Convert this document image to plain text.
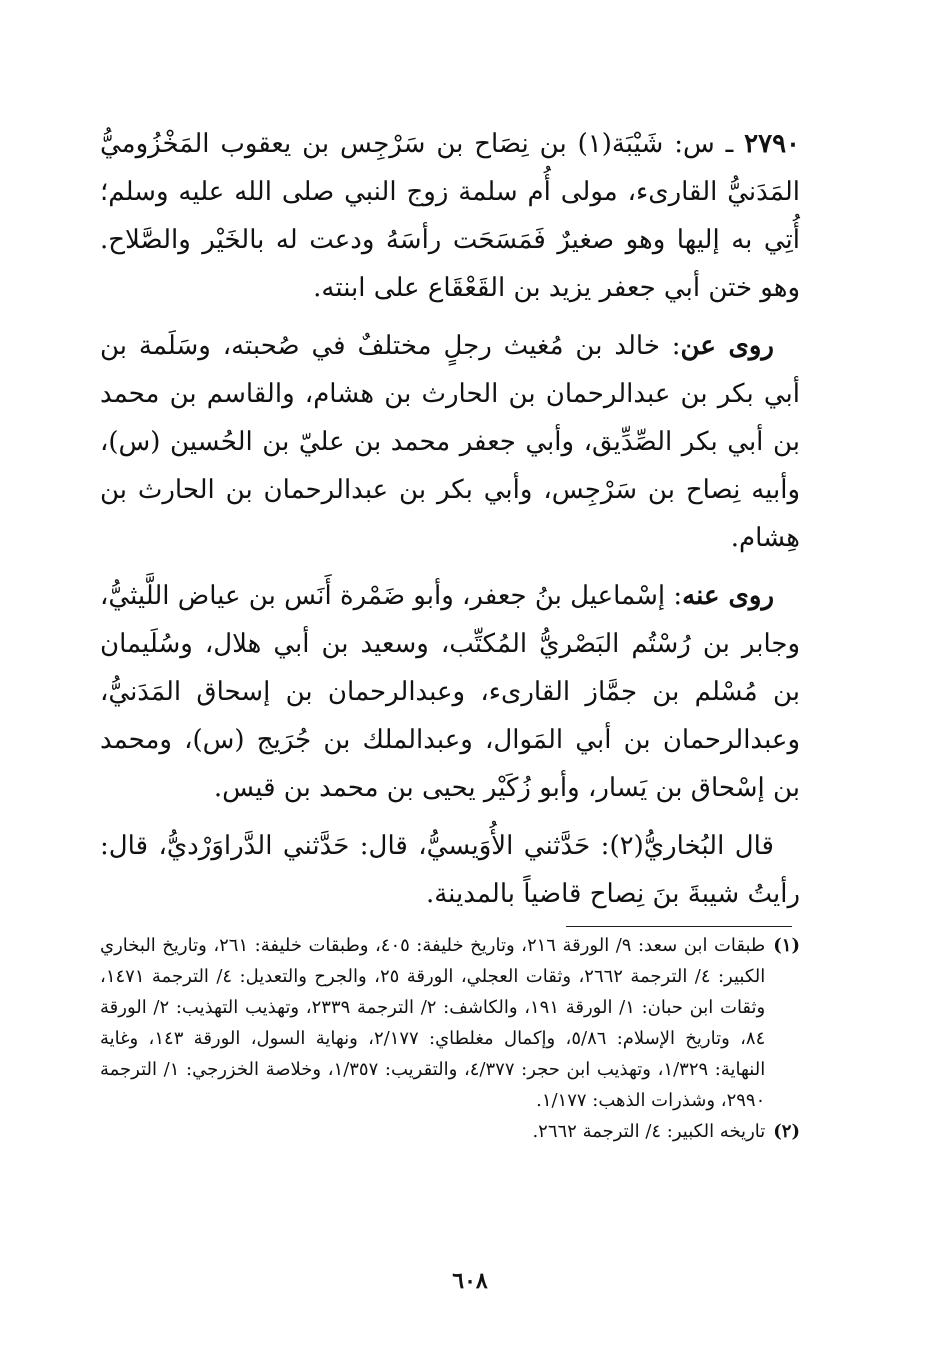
٢٧٩٠ ـ س: شَيْبَة(١) بن نِصَاح بن سَرْجِس بن يعقوب المَخْزُوميُّ المَدَنيُّ القارىء، مولى أُم سلمة زوج النبي صلى الله عليه وسلم؛ أُتِي به إليها وهو صغيرٌ فَمَسَحَت رأسَهُ ودعت له بالخَيْر والصَّلاح. وهو ختن أبي جعفر يزيد بن القَعْقَاع على ابنته.
روى عن: خالد بن مُغيث رجلٍ مختلفٌ في صُحبته، وسَلَمة بن أبي بكر بن عبدالرحمان بن الحارث بن هشام، والقاسم بن محمد بن أبي بكر الصِّدِّيق، وأبي جعفر محمد بن عليّ بن الحُسين (س)، وأبيه نِصاح بن سَرْجِس، وأبي بكر بن عبدالرحمان بن الحارث بن هِشام.
روى عنه: إسْماعيل بنُ جعفر، وأبو ضَمْرة أَنَس بن عياض اللَّيثيُّ، وجابر بن رُسْتُم البَصْريُّ المُكتِّب، وسعيد بن أبي هلال، وسُلَيمان بن مُسْلم بن جمَّاز القارىء، وعبدالرحمان بن إسحاق المَدَنيُّ، وعبدالرحمان بن أبي المَوال، وعبدالملك بن جُرَيج (س)، ومحمد بن إسْحاق بن يَسار، وأبو زُكَيْر يحيى بن محمد بن قيس.
قال البُخاريُّ(٢): حَدَّثني الأُوَيسيُّ، قال: حَدَّثني الدَّراوَرْديُّ، قال: رأيتُ شيبةَ بنَ نِصاح قاضياً بالمدينة.
(١)
طبقات ابن سعد: ٩/ الورقة ٢١٦، وتاريخ خليفة: ٤٠٥، وطبقات خليفة: ٢٦١، وتاريخ البخاري الكبير: ٤/ الترجمة ٢٦٦٢، وثقات العجلي، الورقة ٢٥، والجرح والتعديل: ٤/ الترجمة ١٤٧١، وثقات ابن حبان: ١/ الورقة ١٩١، والكاشف: ٢/ الترجمة ٢٣٣٩، وتهذيب التهذيب: ٢/ الورقة ٨٤، وتاريخ الإسلام: ٥/٨٦، وإكمال مغلطاي: ٢/١٧٧، ونهاية السول، الورقة ١٤٣، وغاية النهاية: ١/٣٢٩، وتهذيب ابن حجر: ٤/٣٧٧، والتقريب: ١/٣٥٧، وخلاصة الخزرجي: ١/ الترجمة ٢٩٩٠، وشذرات الذهب: ١/١٧٧.
(٢)
تاريخه الكبير: ٤/ الترجمة ٢٦٦٢.
٦٠٨
